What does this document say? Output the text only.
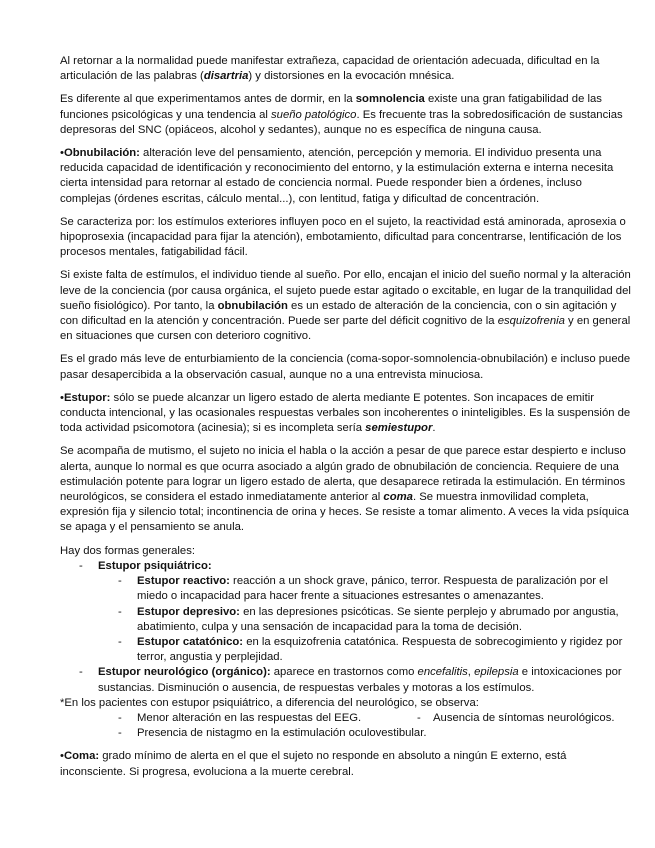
Al retornar a la normalidad puede manifestar extrañeza, capacidad de orientación adecuada, dificultad en la articulación de las palabras (disartria) y distorsiones en la evocación mnésica.

Es diferente al que experimentamos antes de dormir, en la somnolencia existe una gran fatigabilidad de las funciones psicológicas y una tendencia al sueño patológico. Es frecuente tras la sobredosificación de sustancias depresoras del SNC (opiáceos, alcohol y sedantes), aunque no es específica de ninguna causa.

•Obnubilación: alteración leve del pensamiento, atención, percepción y memoria. El individuo presenta una reducida capacidad de identificación y reconocimiento del entorno, y la estimulación externa e interna necesita cierta intensidad para retornar al estado de conciencia normal. Puede responder bien a órdenes, incluso complejas (órdenes escritas, cálculo mental...), con lentitud, fatiga y dificultad de concentración.

Se caracteriza por: los estímulos exteriores influyen poco en el sujeto, la reactividad está aminorada, aprosexia o hipoprosexia (incapacidad para fijar la atención), embotamiento, dificultad para concentrarse, lentificación de los procesos mentales, fatigabilidad fácil.

Si existe falta de estímulos, el individuo tiende al sueño. Por ello, encajan el inicio del sueño normal y la alteración leve de la conciencia (por causa orgánica, el sujeto puede estar agitado o excitable, en lugar de la tranquilidad del sueño fisiológico). Por tanto, la obnubilación es un estado de alteración de la conciencia, con o sin agitación y con dificultad en la atención y concentración. Puede ser parte del déficit cognitivo de la esquizofrenia y en general en situaciones que cursen con deterioro cognitivo.

Es el grado más leve de enturbiamiento de la conciencia (coma-sopor-somnolencia-obnubilación) e incluso puede pasar desapercibida a la observación casual, aunque no a una entrevista minuciosa.

•Estupor: sólo se puede alcanzar un ligero estado de alerta mediante E potentes. Son incapaces de emitir conducta intencional, y las ocasionales respuestas verbales son incoherentes o ininteligibles. Es la suspensión de toda actividad psicomotora (acinesia); si es incompleta sería semiestupor.

Se acompaña de mutismo, el sujeto no inicia el habla o la acción a pesar de que parece estar despierto e incluso alerta, aunque lo normal es que ocurra asociado a algún grado de obnubilación de conciencia. Requiere de una estimulación potente para lograr un ligero estado de alerta, que desaparece retirada la estimulación. En términos neurológicos, se considera el estado inmediatamente anterior al coma. Se muestra inmovilidad completa, expresión fija y silencio total; incontinencia de orina y heces. Se resiste a tomar alimento. A veces la vida psíquica se apaga y el pensamiento se anula.

Hay dos formas generales:
- Estupor psiquiátrico:
- Estupor reactivo: reacción a un shock grave, pánico, terror. Respuesta de paralización por el miedo o incapacidad para hacer frente a situaciones estresantes o amenazantes.
- Estupor depresivo: en las depresiones psicóticas. Se siente perplejo y abrumado por angustia, abatimiento, culpa y una sensación de incapacidad para la toma de decisión.
- Estupor catatónico: en la esquizofrenia catatónica. Respuesta de sobrecogimiento y rigidez por terror, angustia y perplejidad.
- Estupor neurológico (orgánico): aparece en trastornos como encefalitis, epilepsia e intoxicaciones por sustancias. Disminución o ausencia, de respuestas verbales y motoras a los estímulos.
*En los pacientes con estupor psiquiátrico, a diferencia del neurológico, se observa:
- Menor alteración en las respuestas del EEG.	- Ausencia de síntomas neurológicos.

- Presencia de nistagmo en la estimulación oculovestibular.

•Coma: grado mínimo de alerta en el que el sujeto no responde en absoluto a ningún E externo, está inconsciente. Si progresa, evoluciona a la muerte cerebral.
